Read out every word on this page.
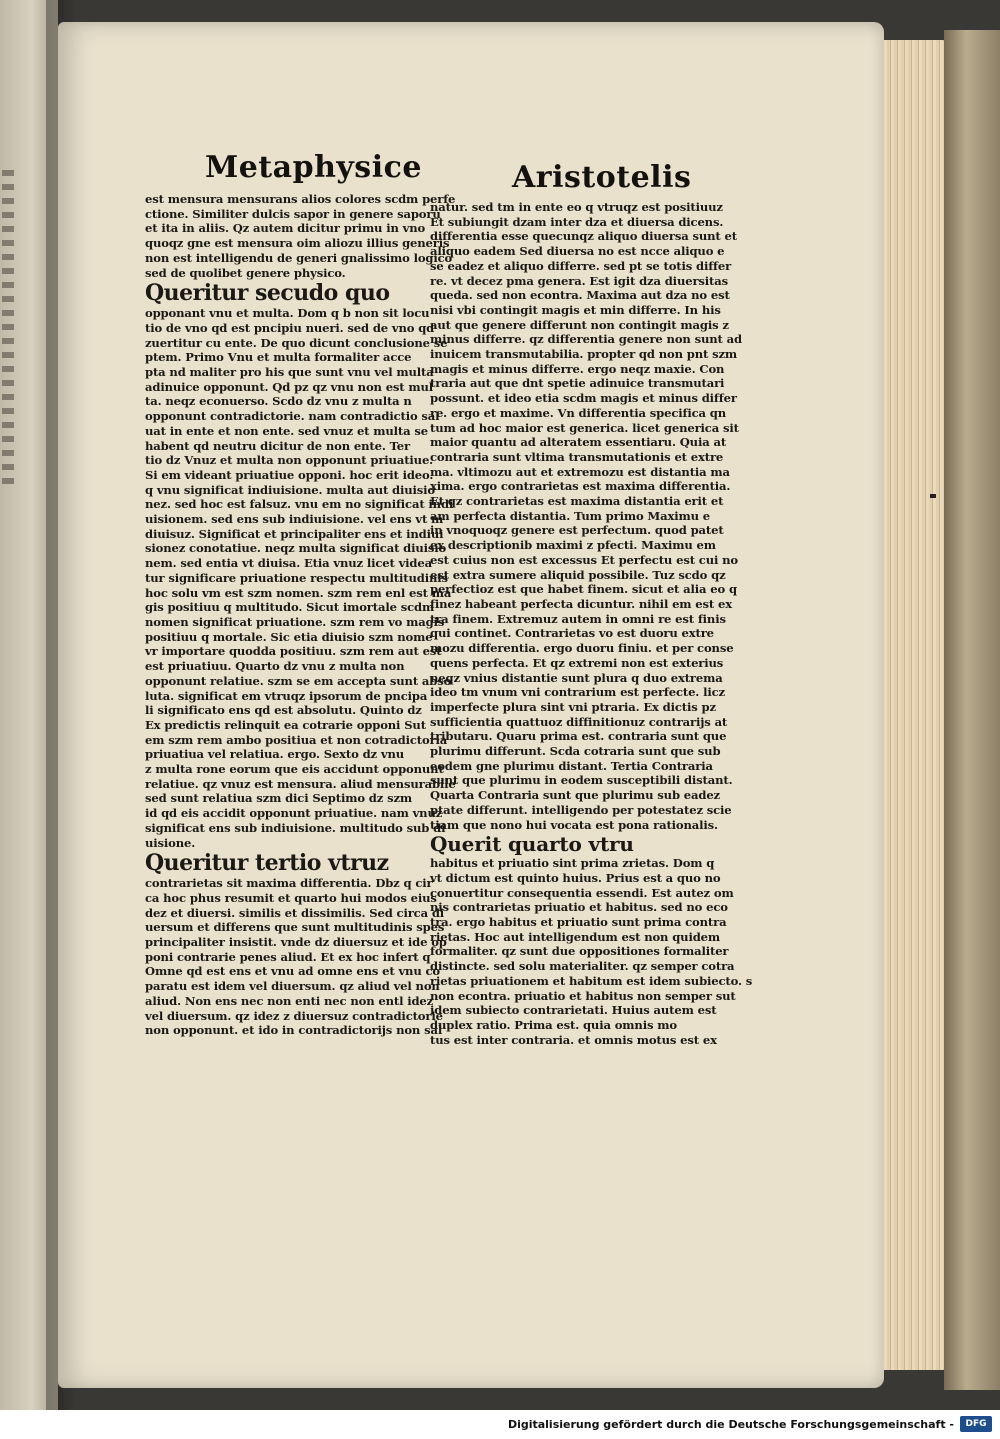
Metaphysice	Aristotelis
est mensura mensurans alios colores scdm perfe
ctione. Similiter dulcis sapor in genere saporu
et ita in aliis. Qz autem dicitur primu in vno
quoqz gne est mensura oim aliozu illius generis
non est intelligendu de generi gnalissimo logico
sed de quolibet genere physico.
Queritur secudo quo
opponant vnu et multa. Dom q b non sit locu
tio de vno qd est pncipiu nueri. sed de vno qd
zuertitur cu ente. De quo dicunt conclusione se
ptem. Primo Vnu et multa formaliter acce
pta nd maliter pro his que sunt vnu vel multa
adinuice opponunt. Qd pz qz vnu non est mul
ta. neqz econuerso. Scdo dz vnu z multa n
opponunt contradictorie. nam contradictio sal
uat in ente et non ente. sed vnuz et multa se
habent qd neutru dicitur de non ente. Ter
tio dz Vnuz et multa non opponunt priuatiue.
Si em videant priuatiue opponi. hoc erit ideo.
q vnu significat indiuisione. multa aut diuisio
nez. sed hoc est falsuz. vnu em no significat indi
uisionem. sed ens sub indiuisione. vel ens vt m
diuisuz. Significat et principaliter ens et indiui
sionez conotatiue. neqz multa significat diuisio
nem. sed entia vt diuisa. Etia vnuz licet videa
tur significare priuatione respectu multitudinis
hoc solu vm est szm nomen. szm rem enl est ma
gis positiuu q multitudo. Sicut imortale scdm
nomen significat priuatione. szm rem vo magis
positiuu q mortale. Sic etia diuisio szm nome
vr importare quodda positiuu. szm rem aut est
est priuatiuu. Quarto dz vnu z multa non
opponunt relatiue. szm se em accepta sunt abso
luta. significat em vtruqz ipsorum de pncipa
li significato ens qd est absolutu. Quinto dz
Ex predictis relinquit ea cotrarie opponi Sut
em szm rem ambo positiua et non cotradictoria
priuatiua vel relatiua. ergo. Sexto dz vnu
z multa rone eorum que eis accidunt opponunt
relatiue. qz vnuz est mensura. aliud mensurabile
sed sunt relatiua szm dici Septimo dz szm
id qd eis accidit opponunt priuatiue. nam vnuz
significat ens sub indiuisione. multitudo sub di
uisione.
Queritur tertio vtruz
contrarietas sit maxima differentia. Dbz q cir
ca hoc phus resumit et quarto hui modos eius
dez et diuersi. similis et dissimilis. Sed circa di
uersum et differens que sunt multitudinis spes
principaliter insistit. vnde dz diuersuz et ide op
poni contrarie penes aliud. Et ex hoc infert q
Omne qd est ens et vnu ad omne ens et vnu co
paratu est idem vel diuersum. qz aliud vel non
aliud. Non ens nec non enti nec non entl idez
vel diuersum. qz idez z diuersuz contradictorie
non opponunt. et ido in contradictorijs non sal
natur. sed tm in ente eo q vtruqz est positiuuz
Et subiungit dzam inter dza et diuersa dicens.
differentia esse quecunqz aliquo diuersa sunt et
aliquo eadem Sed diuersa no est ncce aliquo e
se eadez et aliquo differre. sed pt se totis differ
re. vt decez pma genera. Est igit dza diuersitas
quedа. sed non econtra. Maxima aut dza no est
nisi vbi contingit magis et min differre. In his
aut que genere differunt non contingit magis z
minus differre. qz differentia genere non sunt ad
inuicem transmutabilia. propter qd non pnt szm
magis et minus differre. ergo neqz maxie. Con
traria aut que dnt spetie adinuice transmutari
possunt. et ideo etia scdm magis et minus differ
re. ergo et maxime. Vn differentia specifica qn
tum ad hoc maior est generica. licet generica sit
maior quantu ad alteratem essentiaru. Quia at
contraria sunt vltima transmutationis et extre
ma. vltimozu aut et extremozu est distantia ma
xima. ergo contrarietas est maxima differentia.
Et qz contrarietas est maxima distantia erit et
am perfecta distantia. Tum primo Maximu e
in vnoquoqz genere est perfectum. quod patet
ex descriptionib maximi z pfecti. Maximu em
est cuius non est excessus Et perfectu est cui no
est extra sumere aliquid possibile. Tuz scdo qz
perfectioz est que habet finem. sicut et alia eo q
finez habeant perfecta dicuntur. nihil em est ex
tra finem. Extremuz autem in omni re est finis
qui continet. Contrarietas vo est duoru extre
mozu differentia. ergo duoru finiu. et per conse
quens perfecta. Et qz extremi non est exterius
neqz vnius distantie sunt plura q duo extrema
ideo tm vnum vni contrarium est perfecte. licz
imperfecte plura sint vni ptraria. Ex dictis pz
sufficientia quattuoz diffinitionuz contrarijs at
tributaru. Quaru prima est. contraria sunt que
plurimu differunt. Scda cotraria sunt que sub
eodem gne plurimu distant. Tertia Contraria
sunt que plurimu in eodem susceptibili distant.
Quarta Contraria sunt que plurimu sub eadez
ptate differunt. intelligendo per potestatez scie
tiam que nono hui vocata est pona rationalis.
Querit quarto vtru
habitus et priuatio sint prima zrietas. Dom q
vt dictum est quinto huius. Prius est a quo no
conuertitur consequentia essendi. Est autez om
nis contrarietas priuatio et habitus. sed no eco
tra. ergo habitus et priuatio sunt prima contra
rietas. Hoc aut intelligendum est non quidem
formaliter. qz sunt due oppositiones formaliter
distincte. sed solu materialiter. qz semper cotra
rietas priuationem et habitum est idem subiecto. s
non econtra. priuatio et habitus non semper sut
idem subiecto contrarietati. Huius autem est
duplex ratio. Prima est. quia omnis mo
tus est inter contraria. et omnis motus est ex
Digitalisierung gefördert durch die Deutsche Forschungsgemeinschaft -	DFG
